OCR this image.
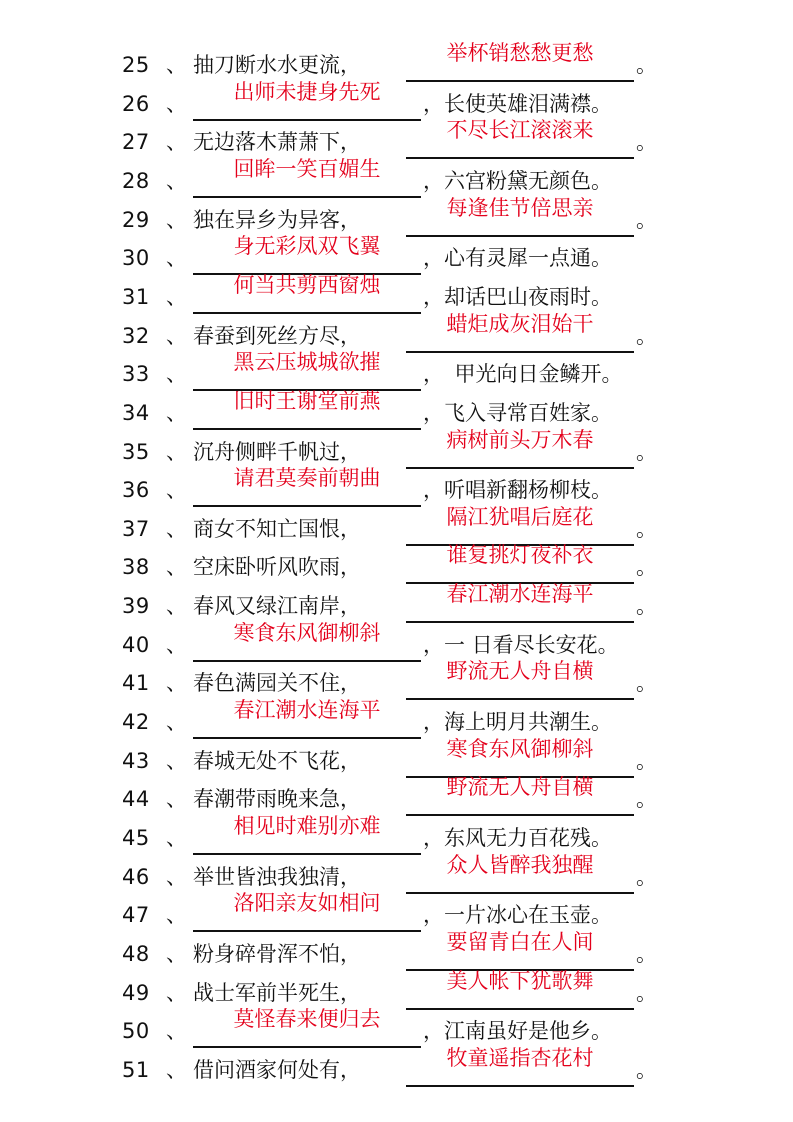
25 、 抽刀断水水更流，	举杯销愁愁更愁	。
26 、	出师未捷身先死	，长使英雄泪满襟。
27 、 无边落木萧萧下，	不尽长江滚滚来	。
28 、	回眸一笑百媚生	，六宫粉黛无颜色。
29 、 独在异乡为异客，	每逢佳节倍思亲	。
30 、	身无彩凤双飞翼	，心有灵犀一点通。
31 、	何当共剪西窗烛	，却话巴山夜雨时。
32 、 春蚕到死丝方尽，	蜡炬成灰泪始干	。
33 、	黑云压城城欲摧	，　甲光向日金鳞开。
34 、	旧时王谢堂前燕	，飞入寻常百姓家。
35 、 沉舟侧畔千帆过，	病树前头万木春	。
36 、	请君莫奏前朝曲	，听唱新翻杨柳枝。
37 、 商女不知亡国恨，	隔江犹唱后庭花	。
38 、 空床卧听风吹雨，	谁复挑灯夜补衣	。
39 、 春风又绿江南岸，	春江潮水连海平	。
40 、	寒食东风御柳斜	，一 日看尽长安花。
41 、 春色满园关不住，	野流无人舟自横	。
42 、	春江潮水连海平	，海上明月共潮生。
43 、 春城无处不飞花，	寒食东风御柳斜	。
44 、 春潮带雨晚来急，	野流无人舟自横	。
45 、	相见时难别亦难	，东风无力百花残。
46 、 举世皆浊我独清，	众人皆醉我独醒	。
47 、	洛阳亲友如相问	，一片冰心在玉壶。
48 、 粉身碎骨浑不怕，	要留青白在人间	。
49 、 战士军前半死生，	美人帐下犹歌舞	。
50 、	莫怪春来便归去	，江南虽好是他乡。
51 、 借问酒家何处有，	牧童遥指杏花村	。
